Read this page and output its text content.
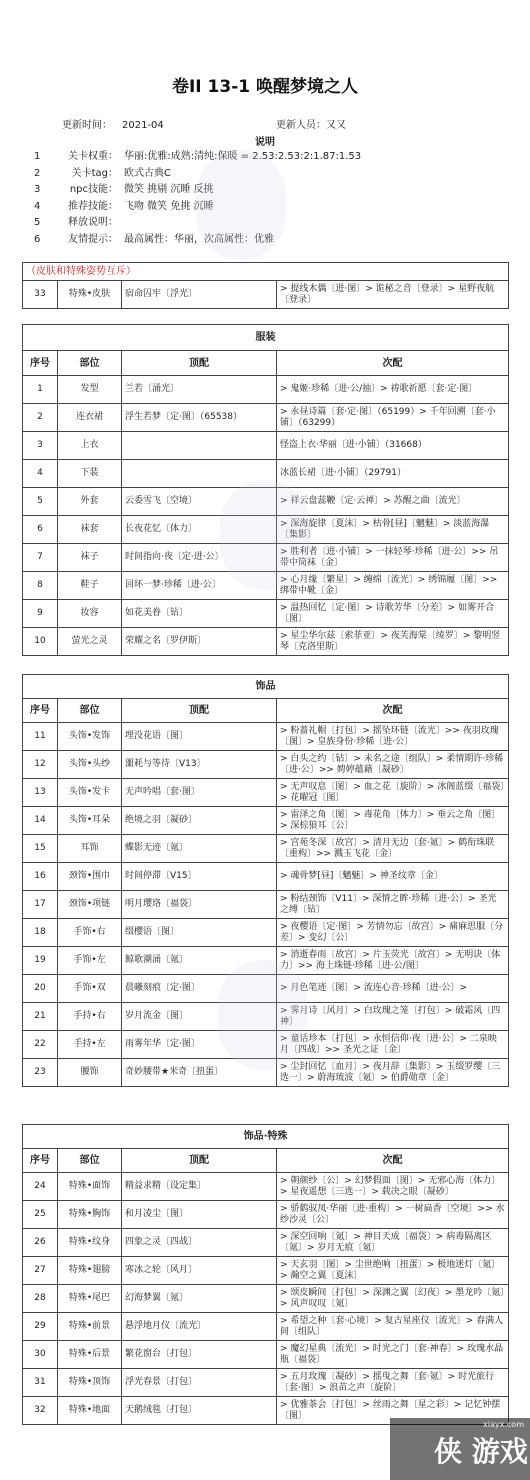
卷II 13-1 唤醒梦境之人
更新时间： 2021-04	更新人员：又又
说明
1	关卡权重： 华丽:优雅:成熟:清纯:保暖 = 2.53:2.53:2:1.87:1.53
2	关卡tag： 欧式古典C
3	npc技能： 微笑 挑剔 沉睡 反挑
4	推荐技能： 飞吻 微笑 免挑 沉睡
5	释放说明：
6	友情提示： 最高属性：华丽，次高属性：优雅
（皮肤和特殊姿势互斥）
33	特殊•皮肤	宿命囚牢〔浮光〕	> 提线木偶〔进·图〕> 诡秘之音〔登录〕> 星野夜航〔登录〕
服装			
序号	部位	顶配	次配
1	发型	兰若〔涌光〕	> 鬼姬·珍稀〔进·公/抽〕> 祷歌祈愿〔套·定·图〕
2	连衣裙	浮生若梦〔定·图〕（65538）	> 永昼诗篇〔套·定·图〕（65199）> 千年回溯〔套·小铺〕（63299）
3	上衣		怪盗上衣·华丽〔进·小铺〕（31668）
4	下装		冰蓝长裙〔进·小铺〕（29791）
5	外套	云委雪飞〔空境〕	> 祥云盘蕊鞭〔定·云禅〕> 苏醒之曲〔流光〕
6	袜套	长夜花忆〔体力〕	> 深海旋律〔夏沫〕> 枯骨[昼]〔魑魅〕> 淡蓝海瀑〔集影〕
7	袜子	时间指向·夜〔定·进·公〕	> 胜利者〔进·小铺〕> 一抹轻琴·珍稀〔进·公〕>> 吊带中筒袜〔金〕
8	鞋子	回环一梦·珍稀〔进·公〕	> 心月缘〔繁星〕> 缠绵〔流光〕> 绣锦履〔图〕>> 绑带中靴〔金〕
9	妆容	如花美眷〔钻〕	> 温热回忆〔定·图〕> 诗歌芳华〔分差〕> 如雾开合〔图〕
10	萤光之灵	荣耀之名〔罗伊斯〕	> 星尘华尔兹〔索菲亚〕> 夜芙海棠〔绫罗〕> 黎明竖琴〔克洛里斯〕
饰品			
序号	部位	顶配	次配
11	头饰•发饰	埋没花语〔图〕	> 粉蔷礼帽〔打包〕> 摇坠环链〔流光〕>> 夜羽玫瑰〔图〕> 皇族身份·珍稀〔进·公〕
12	头饰•头纱	噩耗与等待〔V13〕	> 白头之约〔钻〕> 未名之途〔组队〕> 柔情期许·珍稀〔进·公〕>> 娉婷蕴藉〔凝砂〕
13	头饰•发卡	无声吟唱〔套·图〕	> 无声叹息〔图〕> 血之花〔旋阶〕> 冰阁蓝缀〔福袋〕> 花曜冠〔图〕
14	头饰•耳朵	绝境之羽〔凝砂〕	> 雷泽之角〔图〕> 毒花角〔体力〕> 垂云之角〔图〕> 深棕狼耳〔公〕
15	耳饰	蝶影无迹〔氪〕	> 宫苑冬深〔故宫〕> 清月无边〔套·氪〕> 鹤衔珠联〔重构〕>> 溅玉飞花〔金〕
16	颈饰•围巾	时间停滞〔V15〕	> 魂骨梦[昼]〔魑魅〕> 神圣纹章〔金〕
17	颈饰•项链	明月璎珞〔福袋〕	> 粉结颈饰〔V11〕> 深情之眸·珍稀〔进·公〕> 圣光之缚〔钻〕
18	手饰•右	缀樱语〔图〕	> 夜樱语〔定·图〕> 芳情勿忘〔故宫〕> 痛麻思服〔分差〕> 变幻〔公〕
19	手饰•左	鲸歌潮涌〔氪〕	> 消逝春雨〔故宫〕> 片玉荧光〔故宫〕> 无明诀〔体力〕>> 海上珠链·珍稀〔进·公/图〕
20	手饰•双	晨曦刻痕〔定·图〕	> 月色笔迹〔图〕> 流连心音·珍稀〔进·公〕>
21	手持•右	岁月流金〔图〕	> 霁月诗〔风月〕> 白玫瑰之笼〔打包〕> 破霜风〔四神〕
22	手持•左	雨雾年华〔定·图〕	> 童话珍本〔打包〕> 永恒信仰·夜〔进·公〕> 二泉映月〔四战〕>> 圣光之证〔金〕
23	腰饰	奇妙腰带★米奇〔扭蛋〕	> 尘封回忆〔血月〕> 夜月辞〔集影〕> 玉缀罗缨〔三选一〕> 蔚海琉波〔氪〕> 伯爵勋章〔金〕
饰品·特殊			
序号	部位	顶配	次配
24	特殊•面饰	精益求精〔设定集〕	> 朝颜纱〔公〕> 幻梦假面〔图〕> 无邪心海〔体力〕> 星夜遥想〔三选一〕> 载决之眼〔凝砂〕
25	特殊•胸饰	和月凌尘〔图〕	> 骄鹤驭凤·华丽〔进·重构〕> 一树扁香〔空境〕>> 水纱沙灵〔公〕
26	特殊•纹身	四象之灵〔四战〕	> 深空回响〔氪〕> 神目天成〔福袋〕> 病毒隔离区〔氪〕> 岁月无痕〔氪〕
27	特殊•翅膀	寒冰之轮〔风月〕	> 天玄羽〔图〕> 尘世绝响〔扭蛋〕> 极地迷灯〔氪〕> 瀚空之翼〔夏沫〕
28	特殊•尾巴	幻海梦翼〔氪〕	> 颂皮瞬间〔打包〕> 深渊之翼〔幻夜〕> 墨龙吟〔氪〕> 风声叹叹〔氪〕
29	特殊•前景	悬浮地月仪〔流光〕	> 希望之种〔套·心境〕> 复古星座仪〔流光〕> 春满人间〔组队〕
30	特殊•后景	繁花窗台〔打包〕	> 魔幻星典〔流光〕> 时光之门〔套·神春〕> 玫瑰水晶瓶〔福袋〕
31	特殊•顶饰	浮光春景〔打包〕	> 五月玫瑰〔凝砂〕> 摇曳之舞〔套·氪〕> 时光旅行〔套·图〕> 浪苗之声〔旋阶〕
32	特殊•地面	天鹅绒毯〔打包〕	> 优雅茶会〔打包〕> 丝雨之舞〔星之彩〕> 记忆钟摆〔图〕
xiayx.com
侠 游戏
